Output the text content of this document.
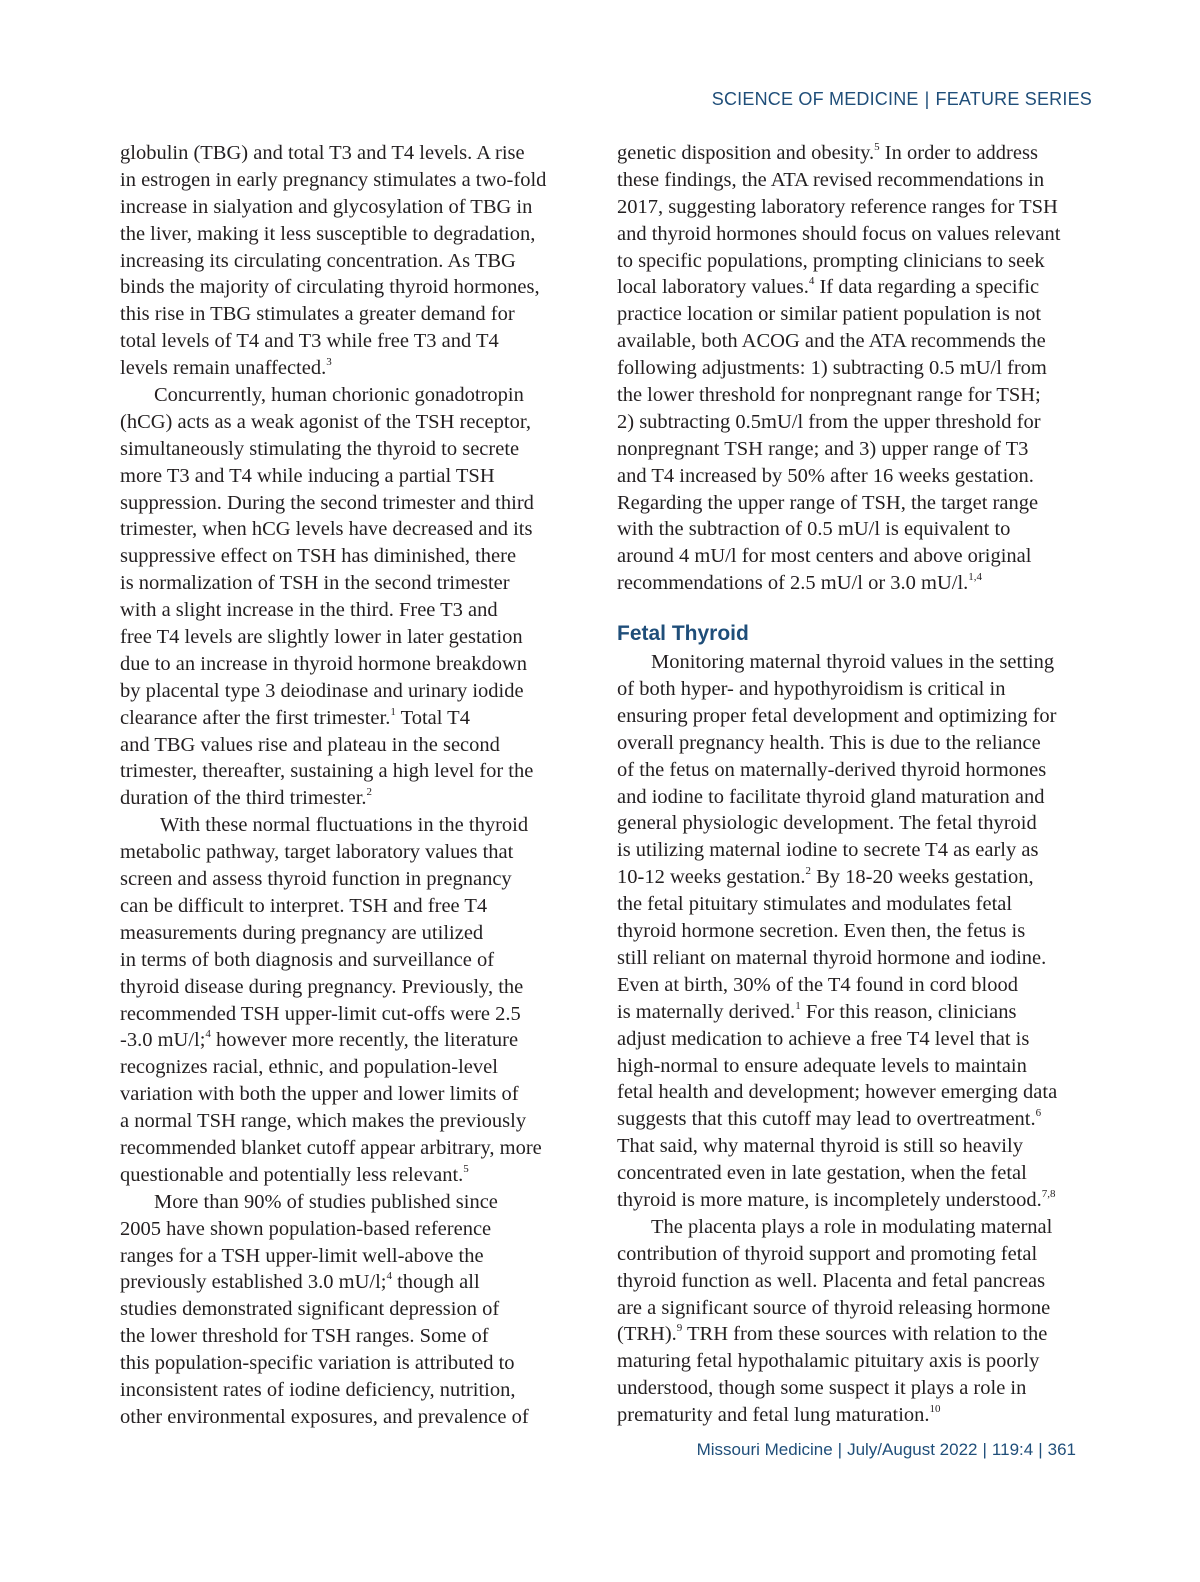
SCIENCE OF MEDICINE | FEATURE SERIES
globulin (TBG) and total T3 and T4 levels. A rise
in estrogen in early pregnancy stimulates a two-fold
increase in sialyation and glycosylation of TBG in
the liver, making it less susceptible to degradation,
increasing its circulating concentration. As TBG
binds the majority of circulating thyroid hormones,
this rise in TBG stimulates a greater demand for
total levels of T4 and T3 while free T3 and T4
levels remain unaffected.$^3$
Concurrently, human chorionic gonadotropin
(hCG) acts as a weak agonist of the TSH receptor,
simultaneously stimulating the thyroid to secrete
more T3 and T4 while inducing a partial TSH
suppression. During the second trimester and third
trimester, when hCG levels have decreased and its
suppressive effect on TSH has diminished, there
is normalization of TSH in the second trimester
with a slight increase in the third. Free T3 and
free T4 levels are slightly lower in later gestation
due to an increase in thyroid hormone breakdown
by placental type 3 deiodinase and urinary iodide
clearance after the first trimester.$^1$ Total T4
and TBG values rise and plateau in the second
trimester, thereafter, sustaining a high level for the
duration of the third trimester.$^2$
With these normal fluctuations in the thyroid
metabolic pathway, target laboratory values that
screen and assess thyroid function in pregnancy
can be difficult to interpret. TSH and free T4
measurements during pregnancy are utilized
in terms of both diagnosis and surveillance of
thyroid disease during pregnancy. Previously, the
recommended TSH upper-limit cut-offs were 2.5
-3.0 mU/l;$^4$ however more recently, the literature
recognizes racial, ethnic, and population-level
variation with both the upper and lower limits of
a normal TSH range, which makes the previously
recommended blanket cutoff appear arbitrary, more
questionable and potentially less relevant.$^5$
More than 90% of studies published since
2005 have shown population-based reference
ranges for a TSH upper-limit well-above the
previously established 3.0 mU/l;$^4$ though all
studies demonstrated significant depression of
the lower threshold for TSH ranges. Some of
this population-specific variation is attributed to
inconsistent rates of iodine deficiency, nutrition,
other environmental exposures, and prevalence of
genetic disposition and obesity.$^5$ In order to address
these findings, the ATA revised recommendations in
2017, suggesting laboratory reference ranges for TSH
and thyroid hormones should focus on values relevant
to specific populations, prompting clinicians to seek
local laboratory values.$^4$ If data regarding a specific
practice location or similar patient population is not
available, both ACOG and the ATA recommends the
following adjustments: 1) subtracting 0.5 mU/l from
the lower threshold for nonpregnant range for TSH;
2) subtracting 0.5mU/l from the upper threshold for
nonpregnant TSH range; and 3) upper range of T3
and T4 increased by 50% after 16 weeks gestation.
Regarding the upper range of TSH, the target range
with the subtraction of 0.5 mU/l is equivalent to
around 4 mU/l for most centers and above original
recommendations of 2.5 mU/l or 3.0 mU/l.$^{1,4}$
Fetal Thyroid
Monitoring maternal thyroid values in the setting
of both hyper- and hypothyroidism is critical in
ensuring proper fetal development and optimizing for
overall pregnancy health. This is due to the reliance
of the fetus on maternally-derived thyroid hormones
and iodine to facilitate thyroid gland maturation and
general physiologic development. The fetal thyroid
is utilizing maternal iodine to secrete T4 as early as
10-12 weeks gestation.$^2$ By 18-20 weeks gestation,
the fetal pituitary stimulates and modulates fetal
thyroid hormone secretion. Even then, the fetus is
still reliant on maternal thyroid hormone and iodine.
Even at birth, 30% of the T4 found in cord blood
is maternally derived.$^1$ For this reason, clinicians
adjust medication to achieve a free T4 level that is
high-normal to ensure adequate levels to maintain
fetal health and development; however emerging data
suggests that this cutoff may lead to overtreatment.$^6$
That said, why maternal thyroid is still so heavily
concentrated even in late gestation, when the fetal
thyroid is more mature, is incompletely understood.$^{7,8}$
The placenta plays a role in modulating maternal
contribution of thyroid support and promoting fetal
thyroid function as well. Placenta and fetal pancreas
are a significant source of thyroid releasing hormone
(TRH).$^9$ TRH from these sources with relation to the
maturing fetal hypothalamic pituitary axis is poorly
understood, though some suspect it plays a role in
prematurity and fetal lung maturation.$^{10}$
Missouri Medicine | July/August 2022 | 119:4 | 361
